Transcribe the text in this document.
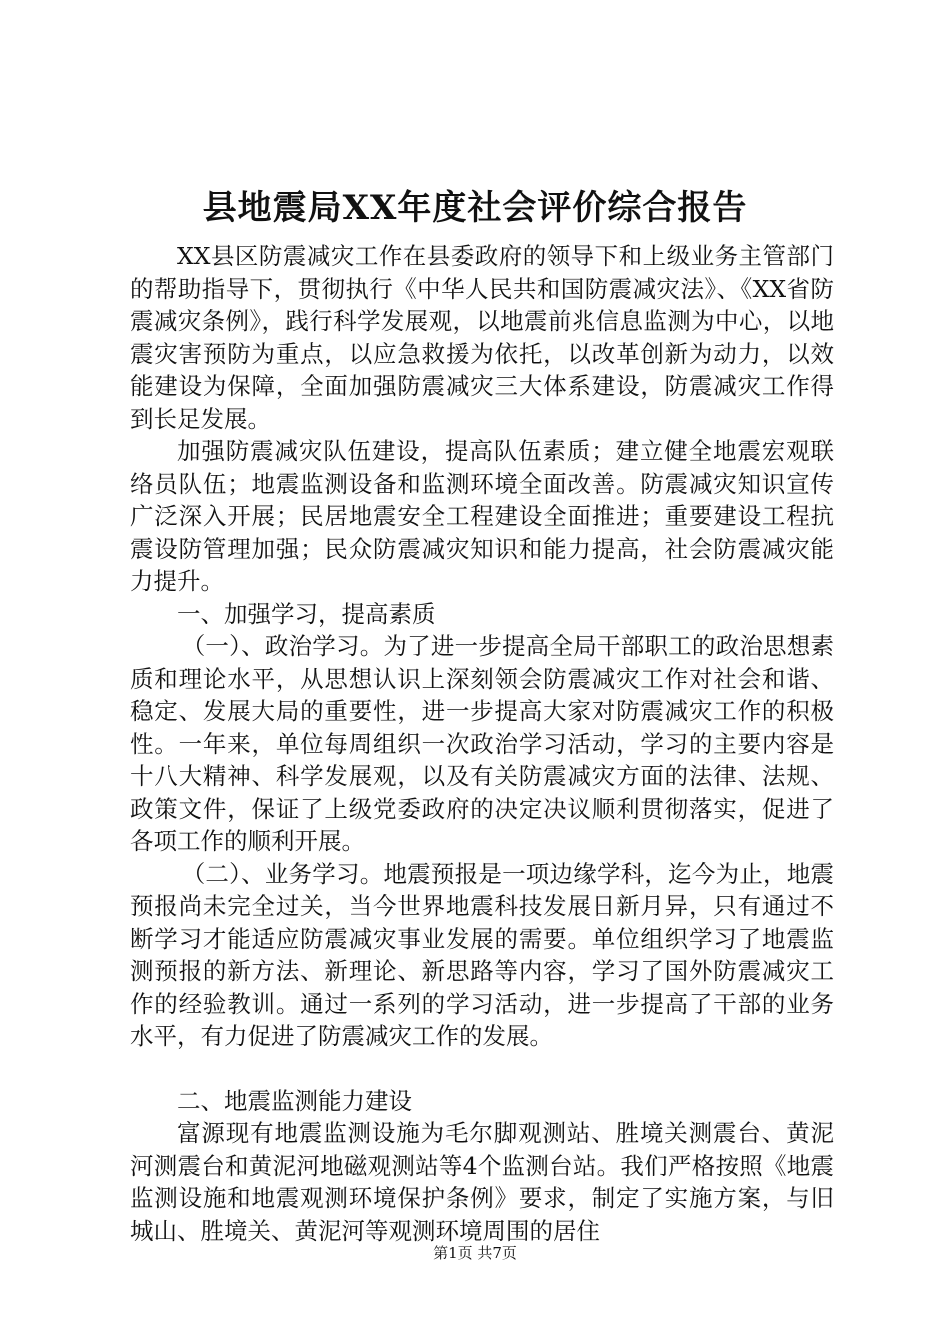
县地震局XX年度社会评价综合报告

XX县区防震减灾工作在县委政府的领导下和上级业务主管部门的帮助指导下，贯彻执行《中华人民共和国防震减灾法》、《XX省防震减灾条例》，践行科学发展观，以地震前兆信息监测为中心，以地震灾害预防为重点，以应急救援为依托，以改革创新为动力，以效能建设为保障，全面加强防震减灾三大体系建设，防震减灾工作得到长足发展。

加强防震减灾队伍建设，提高队伍素质；建立健全地震宏观联络员队伍；地震监测设备和监测环境全面改善。防震减灾知识宣传广泛深入开展；民居地震安全工程建设全面推进；重要建设工程抗震设防管理加强；民众防震减灾知识和能力提高，社会防震减灾能力提升。

一、加强学习，提高素质

（一）、政治学习。为了进一步提高全局干部职工的政治思想素质和理论水平，从思想认识上深刻领会防震减灾工作对社会和谐、稳定、发展大局的重要性，进一步提高大家对防震减灾工作的积极性。一年来，单位每周组织一次政治学习活动，学习的主要内容是十八大精神、科学发展观，以及有关防震减灾方面的法律、法规、政策文件，保证了上级党委政府的决定决议顺利贯彻落实，促进了各项工作的顺利开展。

（二）、业务学习。地震预报是一项边缘学科，迄今为止，地震预报尚未完全过关，当今世界地震科技发展日新月异，只有通过不断学习才能适应防震减灾事业发展的需要。单位组织学习了地震监测预报的新方法、新理论、新思路等内容，学习了国外防震减灾工作的经验教训。通过一系列的学习活动，进一步提高了干部的业务水平，有力促进了防震减灾工作的发展。

二、地震监测能力建设

富源现有地震监测设施为毛尔脚观测站、胜境关测震台、黄泥河测震台和黄泥河地磁观测站等4个监测台站。我们严格按照《地震监测设施和地震观测环境保护条例》要求，制定了实施方案，与旧城山、胜境关、黄泥河等观测环境周围的居住

第1页 共7页
